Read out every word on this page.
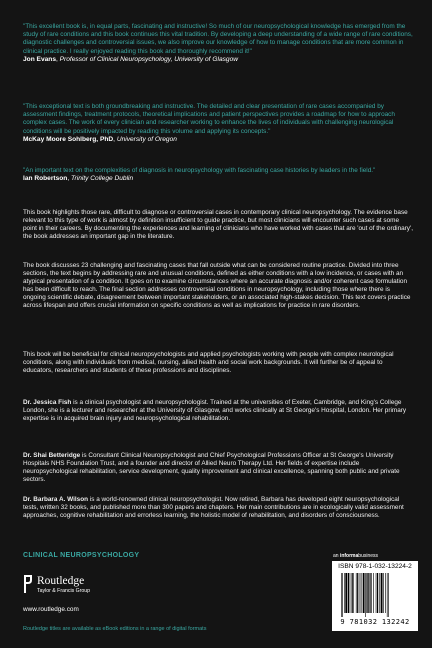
"This excellent book is, in equal parts, fascinating and instructive! So much of our neuropsychological knowledge has emerged from the study of rare conditions and this book continues this vital tradition. By developing a deep understanding of a wide range of rare conditions, diagnostic challenges and controversial issues, we also improve our knowledge of how to manage conditions that are more common in clinical practice. I really enjoyed reading this book and thoroughly recommend it!"
Jon Evans, Professor of Clinical Neuropsychology, University of Glasgow
"This exceptional text is both groundbreaking and instructive. The detailed and clear presentation of rare cases accompanied by assessment findings, treatment protocols, theoretical implications and patient perspectives provides a roadmap for how to approach complex cases. The work of every clinician and researcher working to enhance the lives of individuals with challenging neurological conditions will be positively impacted by reading this volume and applying its concepts."
McKay Moore Sohlberg, PhD, University of Oregon
"An important text on the complexities of diagnosis in neuropsychology with fascinating case histories by leaders in the field."
Ian Robertson, Trinity College Dublin
This book highlights those rare, difficult to diagnose or controversial cases in contemporary clinical neuropsychology. The evidence base relevant to this type of work is almost by definition insufficient to guide practice, but most clinicians will encounter such cases at some point in their careers. By documenting the experiences and learning of clinicians who have worked with cases that are 'out of the ordinary', the book addresses an important gap in the literature.
The book discusses 23 challenging and fascinating cases that fall outside what can be considered routine practice. Divided into three sections, the text begins by addressing rare and unusual conditions, defined as either conditions with a low incidence, or cases with an atypical presentation of a condition. It goes on to examine circumstances where an accurate diagnosis and/or coherent case formulation has been difficult to reach. The final section addresses controversial conditions in neuropsychology, including those where there is ongoing scientific debate, disagreement between important stakeholders, or an associated high-stakes decision. This text covers practice across lifespan and offers crucial information on specific conditions as well as implications for practice in rare disorders.
This book will be beneficial for clinical neuropsychologists and applied psychologists working with people with complex neurological conditions, along with individuals from medical, nursing, allied health and social work backgrounds. It will further be of appeal to educators, researchers and students of these professions and disciplines.
Dr. Jessica Fish is a clinical psychologist and neuropsychologist. Trained at the universities of Exeter, Cambridge, and King's College London, she is a lecturer and researcher at the University of Glasgow, and works clinically at St George's Hospital, London. Her primary expertise is in acquired brain injury and neuropsychological rehabilitation.
Dr. Shai Betteridge is Consultant Clinical Neuropsychologist and Chief Psychological Professions Officer at St George's University Hospitals NHS Foundation Trust, and a founder and director of Allied Neuro Therapy Ltd. Her fields of expertise include neuropsychological rehabilitation, service development, quality improvement and clinical excellence, spanning both public and private sectors.
Dr. Barbara A. Wilson is a world-renowned clinical neuropsychologist. Now retired, Barbara has developed eight neuropsychological tests, written 32 books, and published more than 300 papers and chapters. Her main contributions are in ecologically valid assessment approaches, cognitive rehabilitation and errorless learning, the holistic model of rehabilitation, and disorders of consciousness.
CLINICAL NEUROPSYCHOLOGY
Routledge
Taylor & Francis Group
www.routledge.com
Routledge titles are available as eBook editions in a range of digital formats
an informabusiness
ISBN 978-1-032-13224-2
9 781032 132242
